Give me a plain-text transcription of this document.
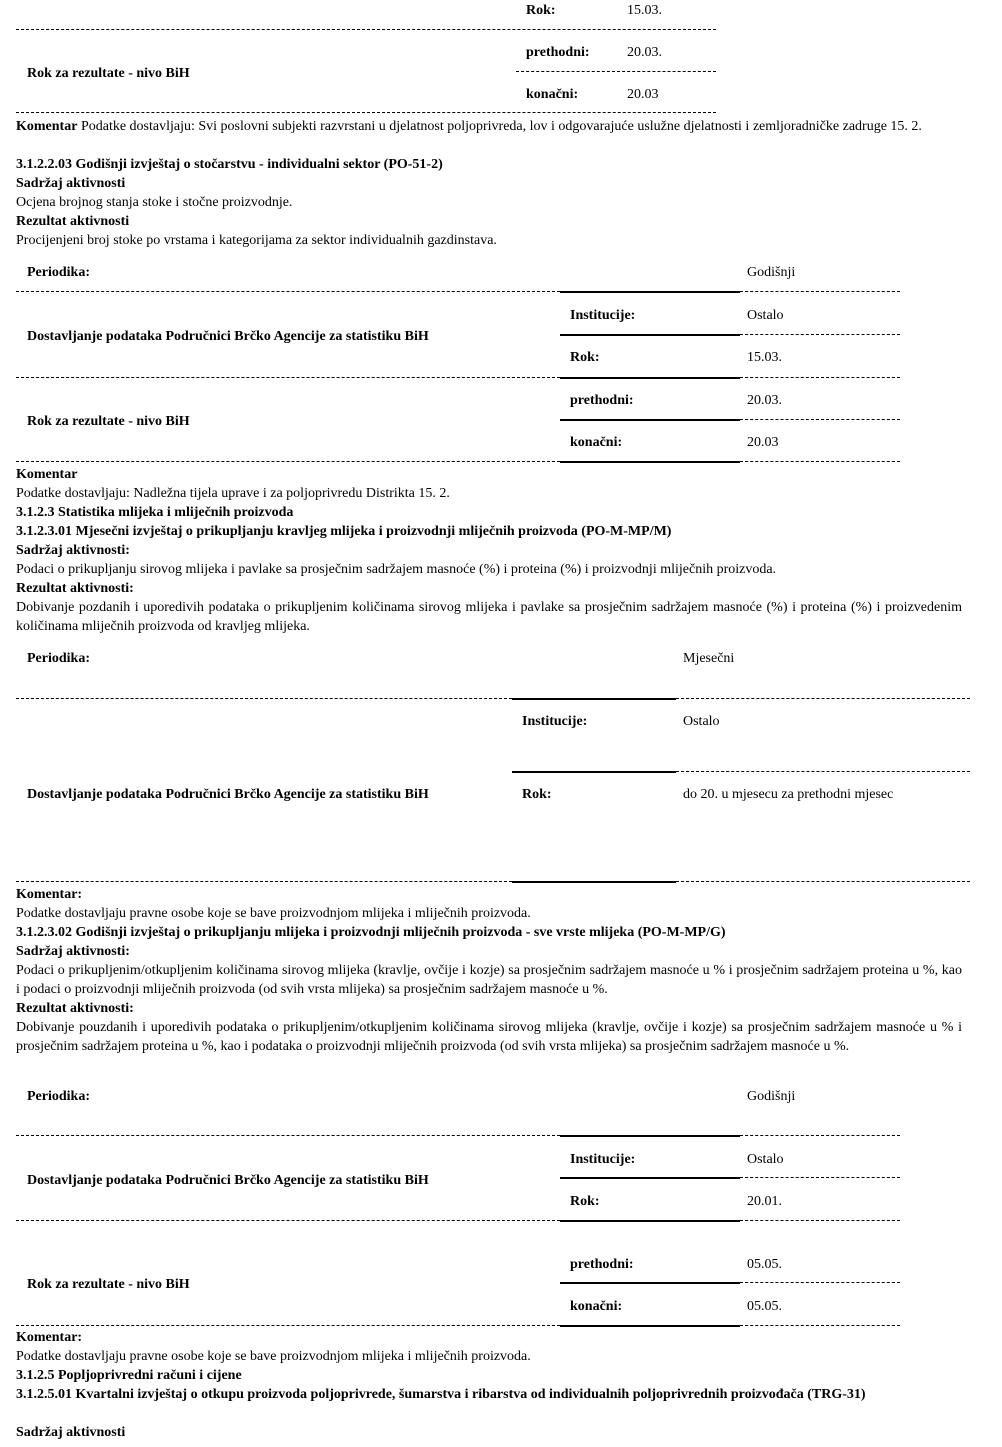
Rok:	15.03.
prethodni:	20.03.
Rok za rezultate - nivo BiH
konačni:	20.03
Komentar Podatke dostavljaju: Svi poslovni subjekti razvrstani u djelatnost poljoprivreda, lov i odgovarajuće uslužne djelatnosti i zemljoradničke zadruge 15. 2.
3.1.2.2.03 Godišnji izvještaj o stočarstvu - individualni sektor (PO-51-2)
Sadržaj aktivnosti
Ocjena brojnog stanja stoke i stočne proizvodnje.
Rezultat aktivnosti
Procijenjeni broj stoke po vrstama i kategorijama za sektor individualnih gazdinstava.
Periodika:	Godišnji
Institucije:	Ostalo
Dostavljanje podataka Područnici Brčko Agencije za statistiku BiH
Rok:	15.03.
prethodni:	20.03.
Rok za rezultate - nivo BiH
konačni:	20.03
Komentar
Podatke dostavljaju: Nadležna tijela uprave i za poljoprivredu Distrikta 15. 2.
3.1.2.3 Statistika mlijeka i mliječnih proizvoda
3.1.2.3.01 Mjesečni izvještaj o prikupljanju kravljeg mlijeka i proizvodnji mliječnih proizvoda (PO-M-MP/M)
Sadržaj aktivnosti:
Podaci o prikupljanju sirovog mlijeka i pavlake sa prosječnim sadržajem masnoće (%) i proteina (%) i proizvodnji mliječnih proizvoda.
Rezultat aktivnosti:
Dobivanje pozdanih i uporedivih podataka o prikupljenim količinama sirovog mlijeka i pavlake sa prosječnim sadržajem masnoće (%) i proteina (%) i proizvedenim količinama mliječnih proizvoda od kravljeg mlijeka.
Periodika:	Mjesečni
Institucije:	Ostalo
Dostavljanje podataka Područnici Brčko Agencije za statistiku BiH	Rok:	do 20. u mjesecu za prethodni mjesec
Komentar:
Podatke dostavljaju pravne osobe koje se bave proizvodnjom mlijeka i mliječnih proizvoda.
3.1.2.3.02 Godišnji izvještaj o prikupljanju mlijeka i proizvodnji mliječnih proizvoda - sve vrste mlijeka (PO-M-MP/G)
Sadržaj aktivnosti:
Podaci o prikupljenim/otkupljenim količinama sirovog mlijeka (kravlje, ovčije i kozje) sa prosječnim sadržajem masnoće u % i prosječnim sadržajem proteina u %, kao i podaci o proizvodnji mliječnih proizvoda (od svih vrsta mlijeka) sa prosječnim sadržajem masnoće u %.
Rezultat aktivnosti:
Dobivanje pouzdanih i uporedivih podataka o prikupljenim/otkupljenim količinama sirovog mlijeka (kravlje, ovčije i kozje) sa prosječnim sadržajem masnoće u % i prosječnim sadržajem proteina u %, kao i podataka o proizvodnji mliječnih proizvoda (od svih vrsta mlijeka) sa prosječnim sadržajem masnoće u %.
Periodika:	Godišnji
Institucije:	Ostalo
Dostavljanje podataka Područnici Brčko Agencije za statistiku BiH
Rok:	20.01.
prethodni:	05.05.
Rok za rezultate - nivo BiH
konačni:	05.05.
Komentar:
Podatke dostavljaju pravne osobe koje se bave proizvodnjom mlijeka i mliječnih proizvoda.
3.1.2.5 Popljoprivredni računi i cijene
3.1.2.5.01 Kvartalni izvještaj o otkupu proizvoda poljoprivrede, šumarstva i ribarstva od individualnih poljoprivrednih proizvođača (TRG-31)
Sadržaj aktivnosti
